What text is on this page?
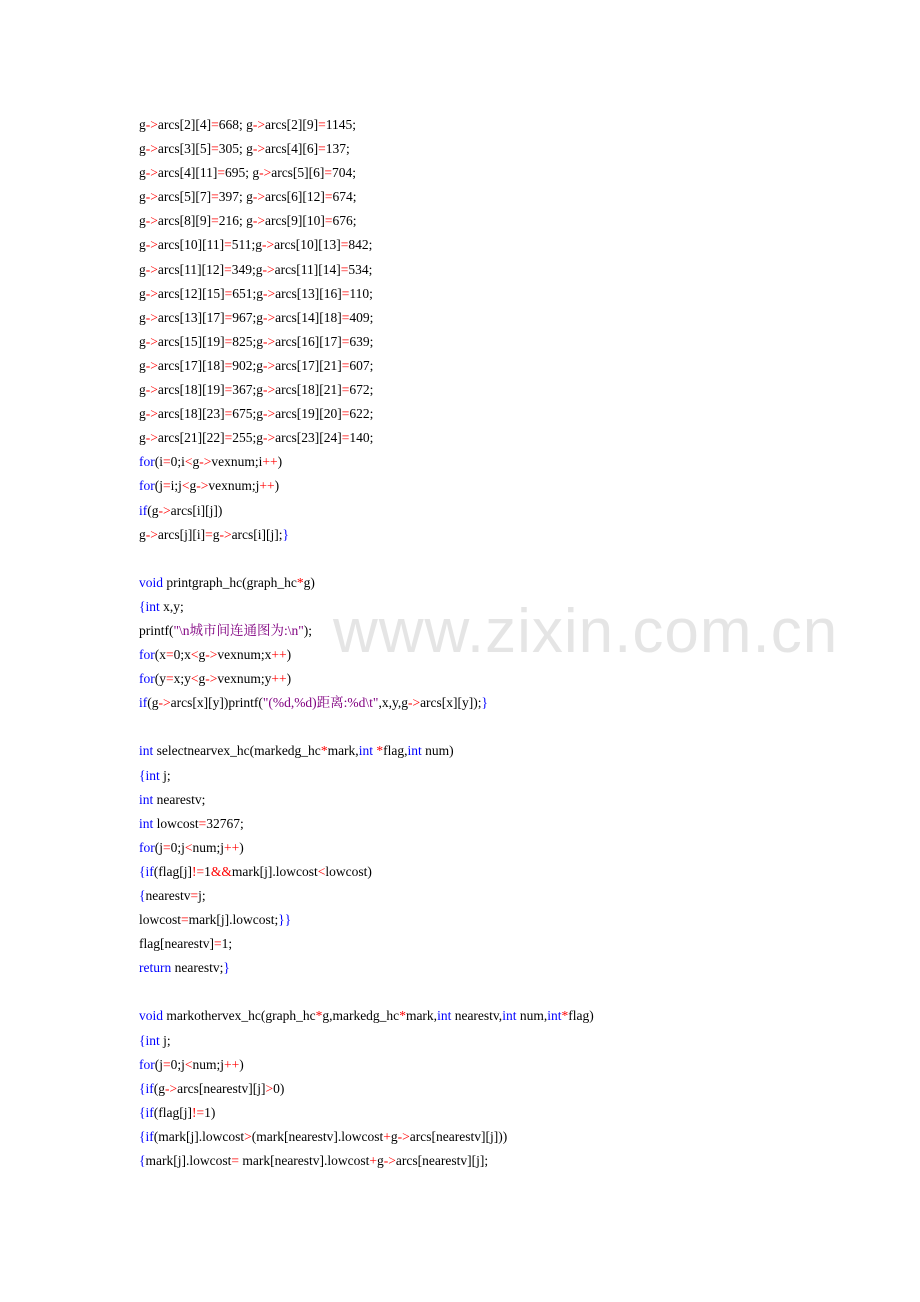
www.zixin.com.cn
g->arcs[2][4]=668; g->arcs[2][9]=1145;
g->arcs[3][5]=305; g->arcs[4][6]=137;
g->arcs[4][11]=695; g->arcs[5][6]=704;
g->arcs[5][7]=397; g->arcs[6][12]=674;
g->arcs[8][9]=216; g->arcs[9][10]=676;
g->arcs[10][11]=511;g->arcs[10][13]=842;
g->arcs[11][12]=349;g->arcs[11][14]=534;
g->arcs[12][15]=651;g->arcs[13][16]=110;
g->arcs[13][17]=967;g->arcs[14][18]=409;
g->arcs[15][19]=825;g->arcs[16][17]=639;
g->arcs[17][18]=902;g->arcs[17][21]=607;
g->arcs[18][19]=367;g->arcs[18][21]=672;
g->arcs[18][23]=675;g->arcs[19][20]=622;
g->arcs[21][22]=255;g->arcs[23][24]=140;
for(i=0;i<g->vexnum;i++)
for(j=i;j<g->vexnum;j++)
if(g->arcs[i][j])
g->arcs[j][i]=g->arcs[i][j];}
void printgraph_hc(graph_hc*g)
{int x,y;
printf("\n城市间连通图为:\n");
for(x=0;x<g->vexnum;x++)
for(y=x;y<g->vexnum;y++)
if(g->arcs[x][y])printf("(%d,%d)距离:%d\t",x,y,g->arcs[x][y]);}
int selectnearvex_hc(markedg_hc*mark,int *flag,int num)
{int j;
int nearestv;
int lowcost=32767;
for(j=0;j<num;j++)
{if(flag[j]!=1&&mark[j].lowcost<lowcost)
{nearestv=j;
lowcost=mark[j].lowcost;}}
flag[nearestv]=1;
return nearestv;}
void markothervex_hc(graph_hc*g,markedg_hc*mark,int nearestv,int num,int*flag)
{int j;
for(j=0;j<num;j++)
{if(g->arcs[nearestv][j]>0)
{if(flag[j]!=1)
{if(mark[j].lowcost>(mark[nearestv].lowcost+g->arcs[nearestv][j]))
{mark[j].lowcost= mark[nearestv].lowcost+g->arcs[nearestv][j];
